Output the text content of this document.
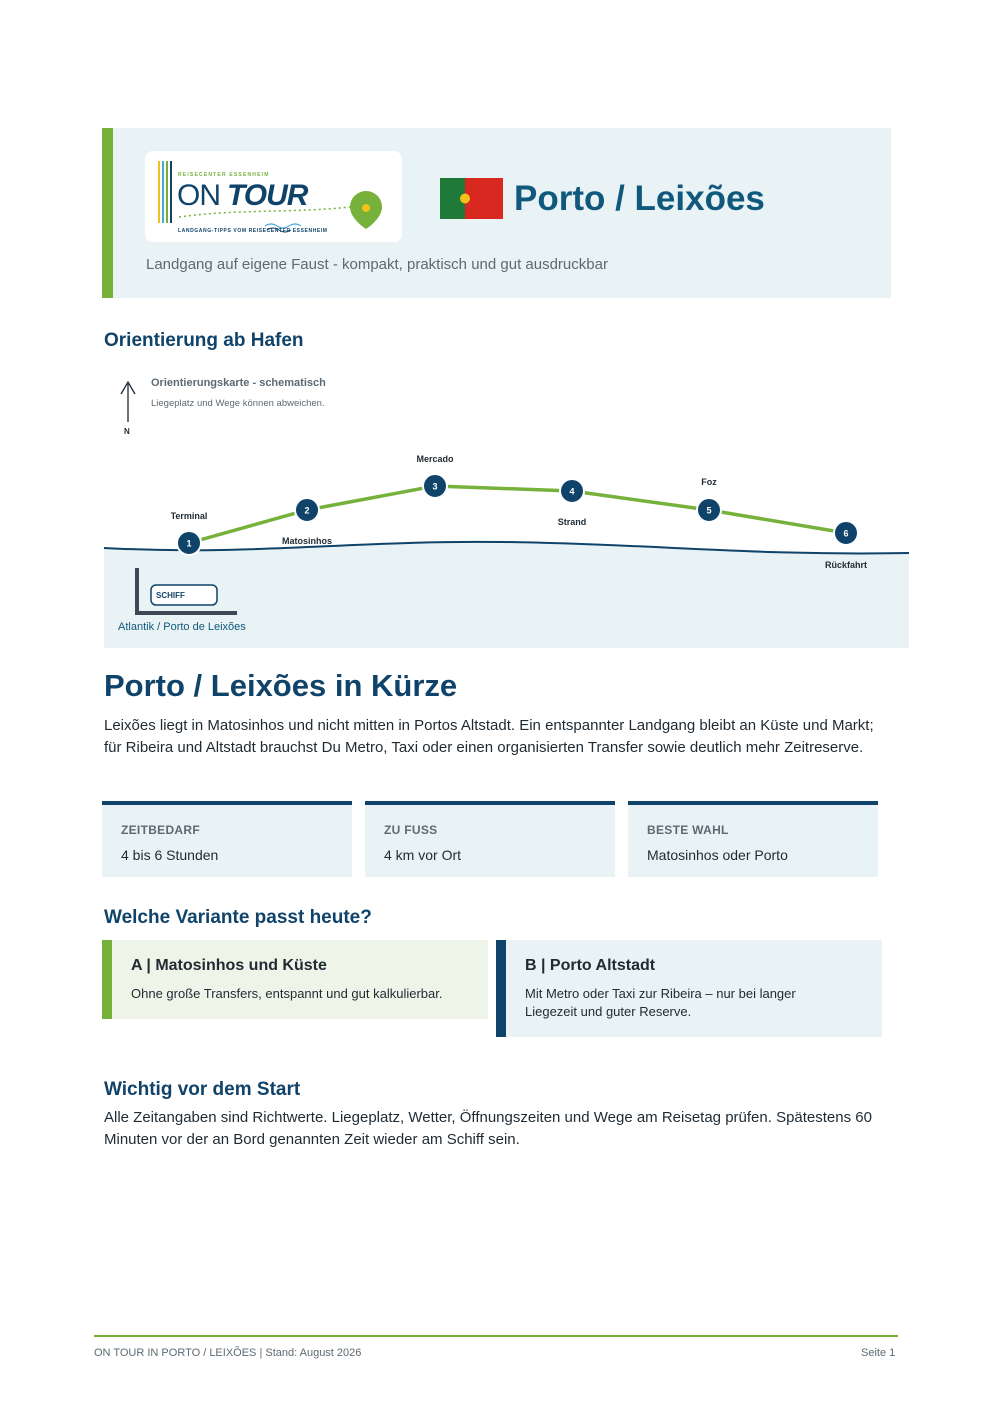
REISECENTER ESSENHEIM
ON TOUR
LANDGANG-TIPPS VOM REISECENTER ESSENHEIM
Porto / Leixões
Landgang auf eigene Faust - kompakt, praktisch und gut ausdruckbar
Orientierung ab Hafen
N
Orientierungskarte - schematisch
Liegeplatz und Wege können abweichen.
1
Terminal
2
Matosinhos
3
Mercado
4
Strand
5
Foz
6
Rückfahrt
SCHIFF
Atlantik / Porto de Leixões
Porto / Leixões in Kürze
Leixões liegt in Matosinhos und nicht mitten in Portos Altstadt. Ein entspannter Landgang bleibt an Küste und Markt; für Ribeira und Altstadt brauchst Du Metro, Taxi oder einen organisierten Transfer sowie deutlich mehr Zeitreserve.
ZEITBEDARF
4 bis 6 Stunden
ZU FUSS
4 km vor Ort
BESTE WAHL
Matosinhos oder Porto
Welche Variante passt heute?
A | Matosinhos und Küste
Ohne große Transfers, entspannt und gut kalkulierbar.
B | Porto Altstadt
Mit Metro oder Taxi zur Ribeira – nur bei langer Liegezeit und guter Reserve.
Wichtig vor dem Start
Alle Zeitangaben sind Richtwerte. Liegeplatz, Wetter, Öffnungszeiten und Wege am Reisetag prüfen. Spätestens 60 Minuten vor der an Bord genannten Zeit wieder am Schiff sein.
ON TOUR IN PORTO / LEIXÕES | Stand: August 2026	Seite 1
